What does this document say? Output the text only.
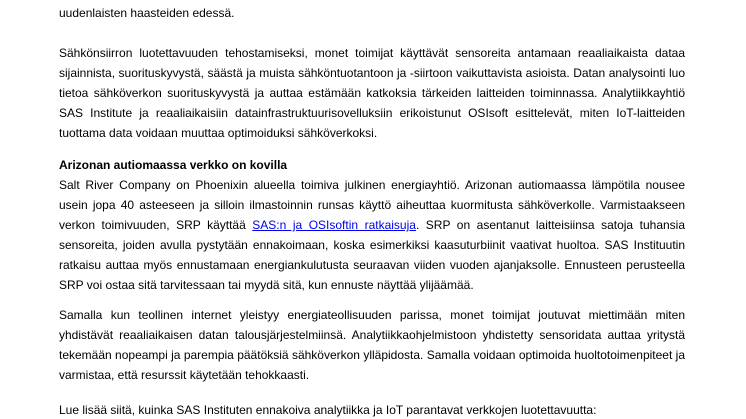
uudenlaisten haasteiden edessä.

Sähkönsiirron luotettavuuden tehostamiseksi, monet toimijat käyttävät sensoreita antamaan reaaliaikaista dataa sijainnista, suorituskyvystä, säästä ja muista sähköntuotantoon ja -siirtoon vaikuttavista asioista. Datan analysointi luo tietoa sähköverkon suorituskyvystä ja auttaa estämään katkoksia tärkeiden laitteiden toiminnassa. Analytiikkayhtiö SAS Institute ja reaaliaikaisiin datainfrastruktuurisovelluksiin erikoistunut OSIsoft esittelevät, miten IoT-laitteiden tuottama data voidaan muuttaa optimoiduksi sähköverkoksi.

Arizonan autiomaassa verkko on kovilla

Salt River Company on Phoenixin alueella toimiva julkinen energiayhtiö. Arizonan autiomaassa lämpötila nousee usein jopa 40 asteeseen ja silloin ilmastoinnin runsas käyttö aiheuttaa kuormitusta sähköverkolle. Varmistaakseen verkon toimivuuden, SRP käyttää SAS:n ja OSIsoftin ratkaisuja. SRP on asentanut laitteisiinsa satoja tuhansia sensoreita, joiden avulla pystytään ennakoimaan, koska esimerkiksi kaasuturbiinit vaativat huoltoa. SAS Instituutin ratkaisu auttaa myös ennustamaan energiankulutusta seuraavan viiden vuoden ajanjaksolle. Ennusteen perusteella SRP voi ostaa sitä tarvitessaan tai myydä sitä, kun ennuste näyttää ylijäämää.

Samalla kun teollinen internet yleistyy energiateollisuuden parissa, monet toimijat joutuvat miettimään miten yhdistävät reaaliaikaisen datan talousjärjestelmiinsä. Analytiikkaohjelmistoon yhdistetty sensoridata auttaa yritystä tekemään nopeampi ja parempia päätöksiä sähköverkon ylläpidosta. Samalla voidaan optimoida huoltotoimenpiteet ja varmistaa, että resurssit käytetään tehokkaasti.

Lue lisää siitä, kuinka SAS Instituten ennakoiva analytiikka ja IoT parantavat verkkojen luotettavuutta:
